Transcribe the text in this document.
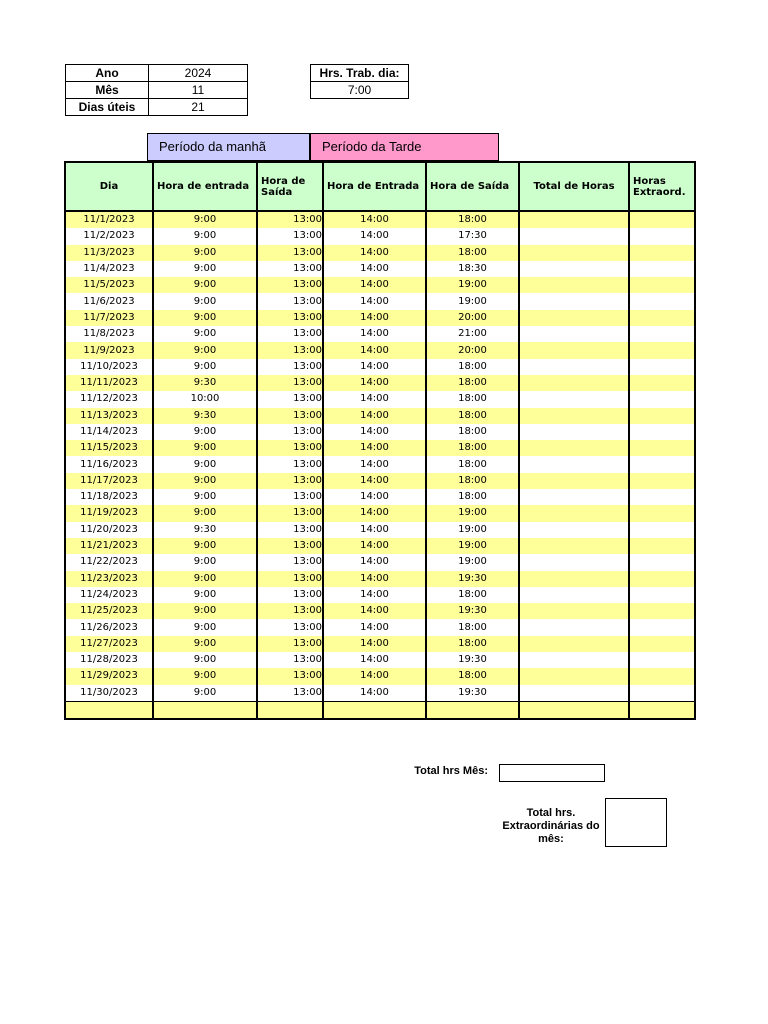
Ano	2024
Mês	11
Dias úteis	21
Hrs. Trab. dia:
7:00
Período da manhã	Período da Tarde
Dia	Hora de entrada	Hora de Saída	Hora de Entrada	Hora de Saída	Total de Horas	Horas Extraord.
11/1/2023	9:00	13:00	14:00	18:00		
11/2/2023	9:00	13:00	14:00	17:30		
11/3/2023	9:00	13:00	14:00	18:00		
11/4/2023	9:00	13:00	14:00	18:30		
11/5/2023	9:00	13:00	14:00	19:00		
11/6/2023	9:00	13:00	14:00	19:00		
11/7/2023	9:00	13:00	14:00	20:00		
11/8/2023	9:00	13:00	14:00	21:00		
11/9/2023	9:00	13:00	14:00	20:00		
11/10/2023	9:00	13:00	14:00	18:00		
11/11/2023	9:30	13:00	14:00	18:00		
11/12/2023	10:00	13:00	14:00	18:00		
11/13/2023	9:30	13:00	14:00	18:00		
11/14/2023	9:00	13:00	14:00	18:00		
11/15/2023	9:00	13:00	14:00	18:00		
11/16/2023	9:00	13:00	14:00	18:00		
11/17/2023	9:00	13:00	14:00	18:00		
11/18/2023	9:00	13:00	14:00	18:00		
11/19/2023	9:00	13:00	14:00	19:00		
11/20/2023	9:30	13:00	14:00	19:00		
11/21/2023	9:00	13:00	14:00	19:00		
11/22/2023	9:00	13:00	14:00	19:00		
11/23/2023	9:00	13:00	14:00	19:30		
11/24/2023	9:00	13:00	14:00	18:00		
11/25/2023	9:00	13:00	14:00	19:30		
11/26/2023	9:00	13:00	14:00	18:00		
11/27/2023	9:00	13:00	14:00	18:00		
11/28/2023	9:00	13:00	14:00	19:30		
11/29/2023	9:00	13:00	14:00	18:00		
11/30/2023	9:00	13:00	14:00	19:30		

Total hrs Mês:
Total hrs. Extraordinárias do mês:
